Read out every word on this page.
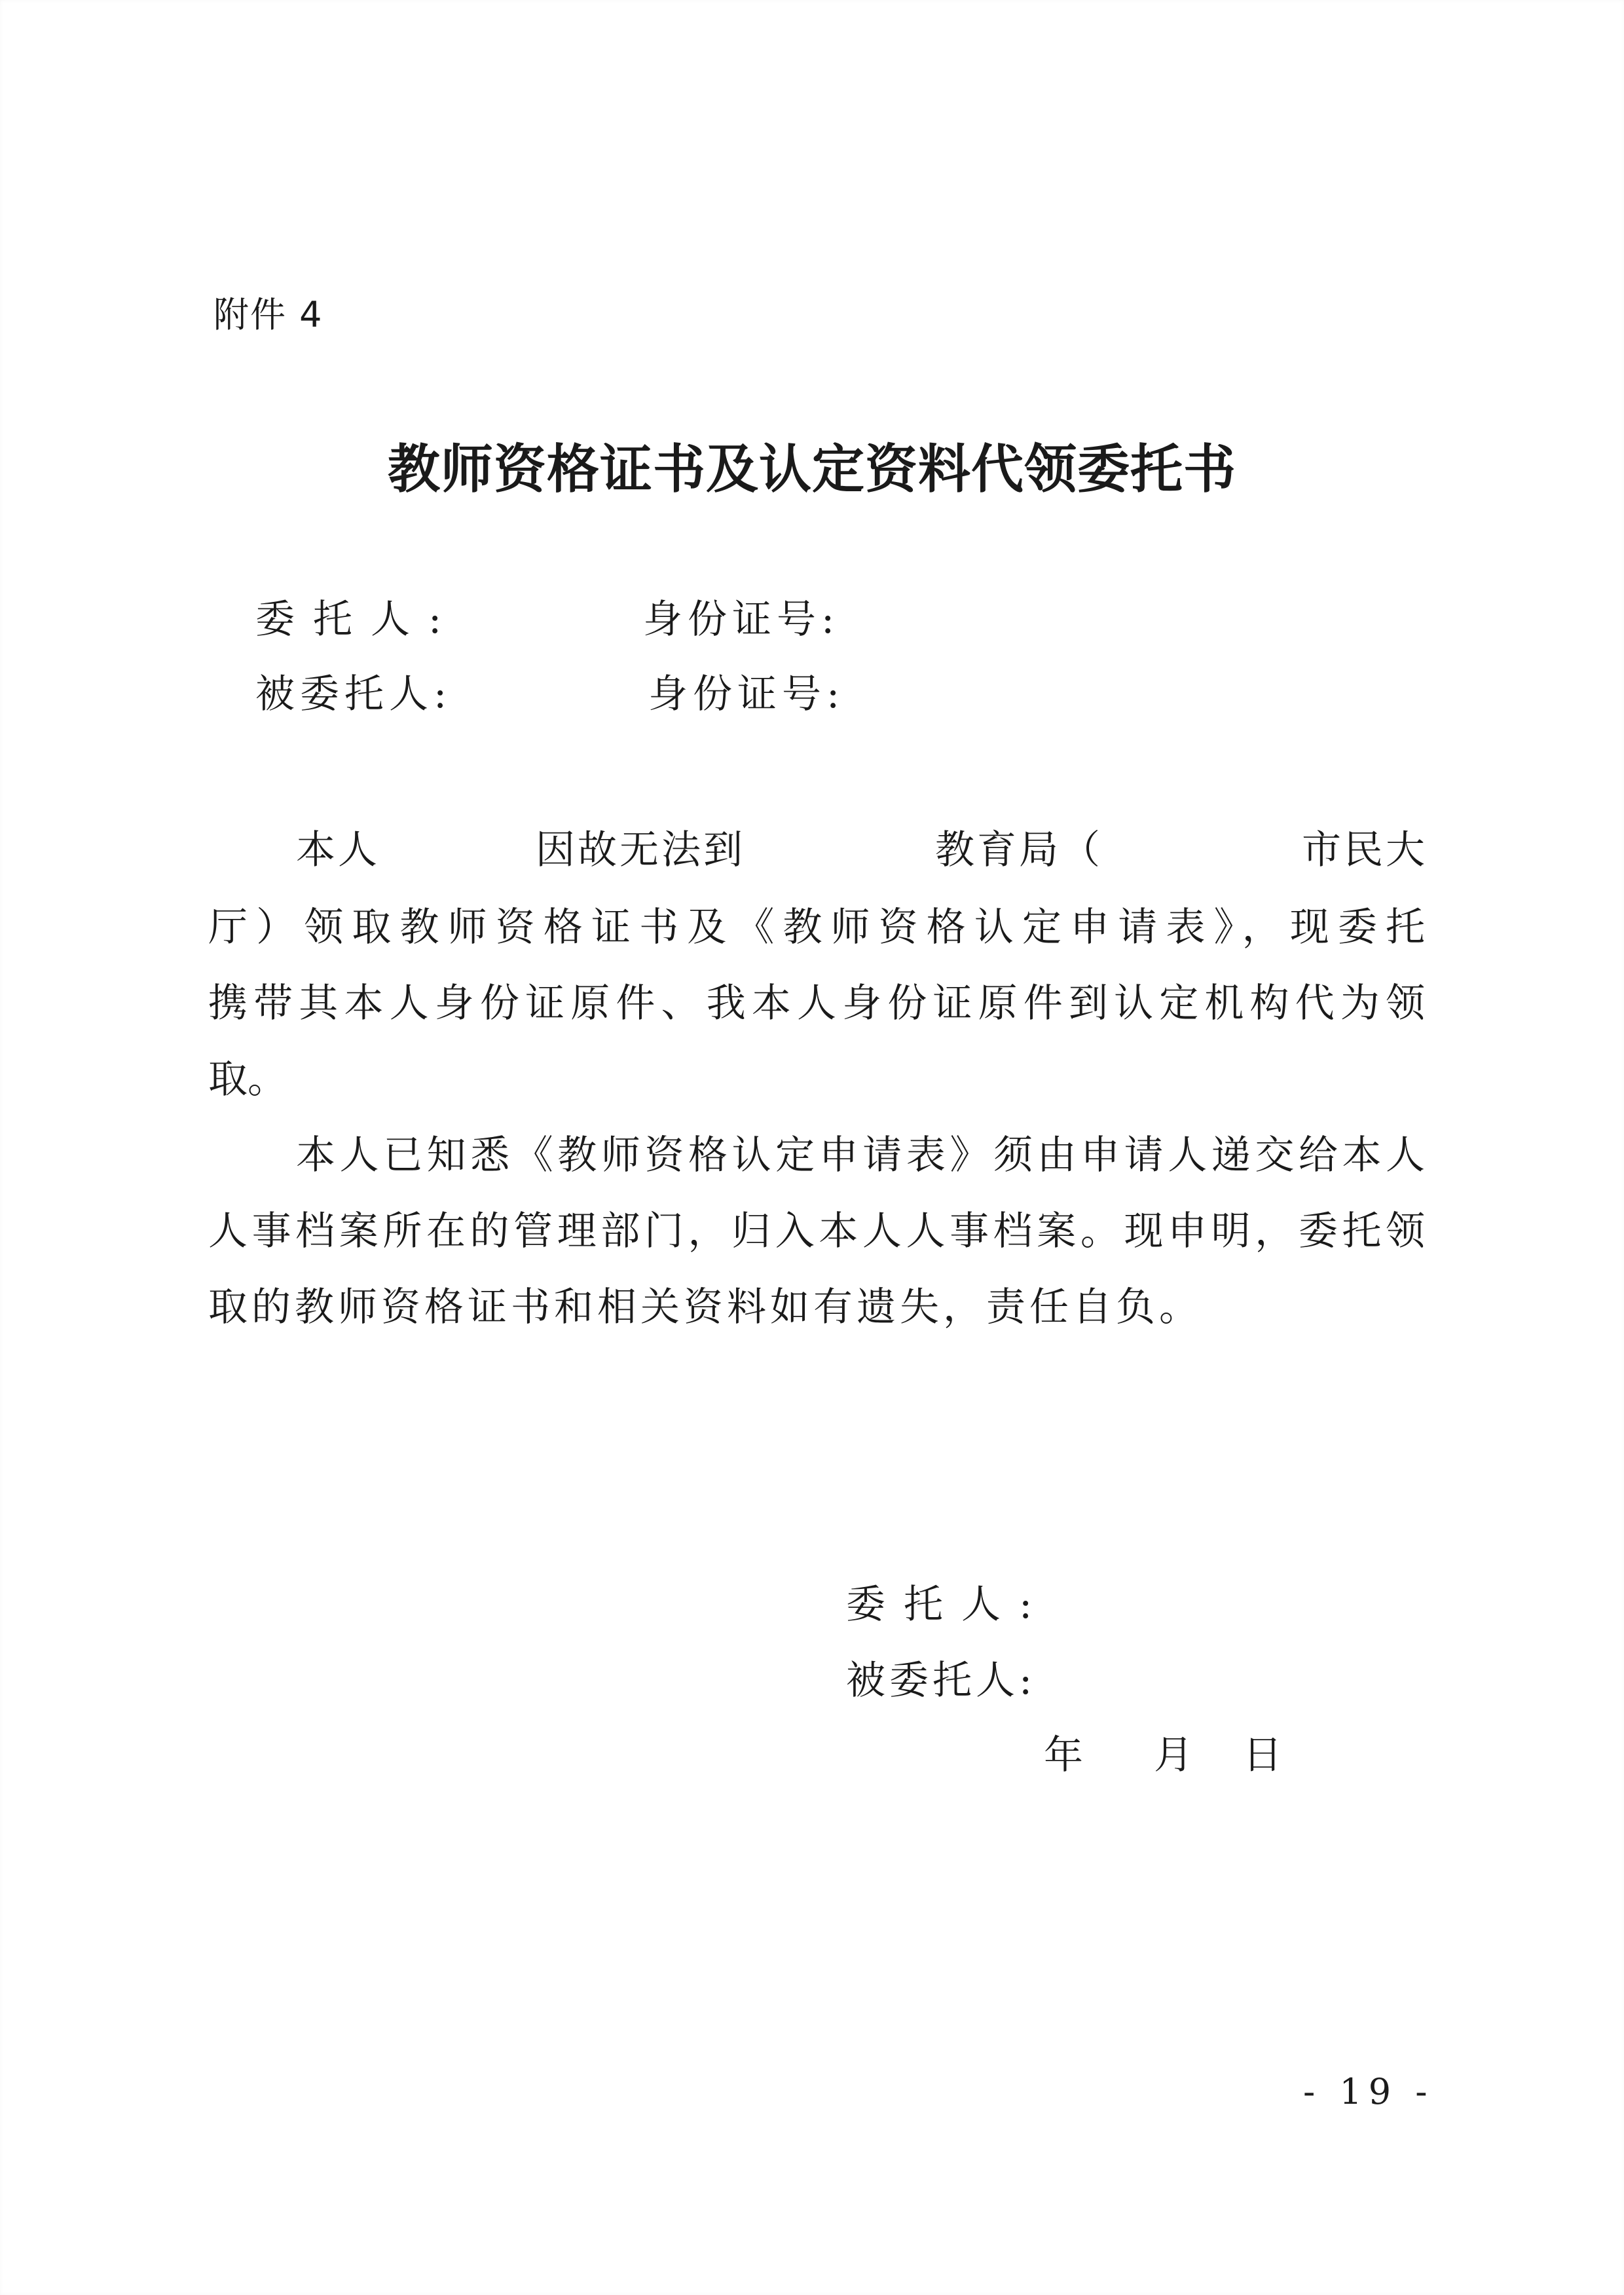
附件 4
教师资格证书及认定资料代领委托书
委托人:	身份证号:
被委托人:	身份证号:
本人	因故无法到	教育局（	市民大
厅）领取教师资格证书及《教师资格认定申请表》，现委托
携带其本人身份证原件、我本人身份证原件到认定机构代为领
取。
本人已知悉《教师资格认定申请表》须由申请人递交给本人
人事档案所在的管理部门，归入本人人事档案。现申明，委托领
取的教师资格证书和相关资料如有遗失，责任自负。
委托人:
被委托人:
年 月 日
- 19 -
